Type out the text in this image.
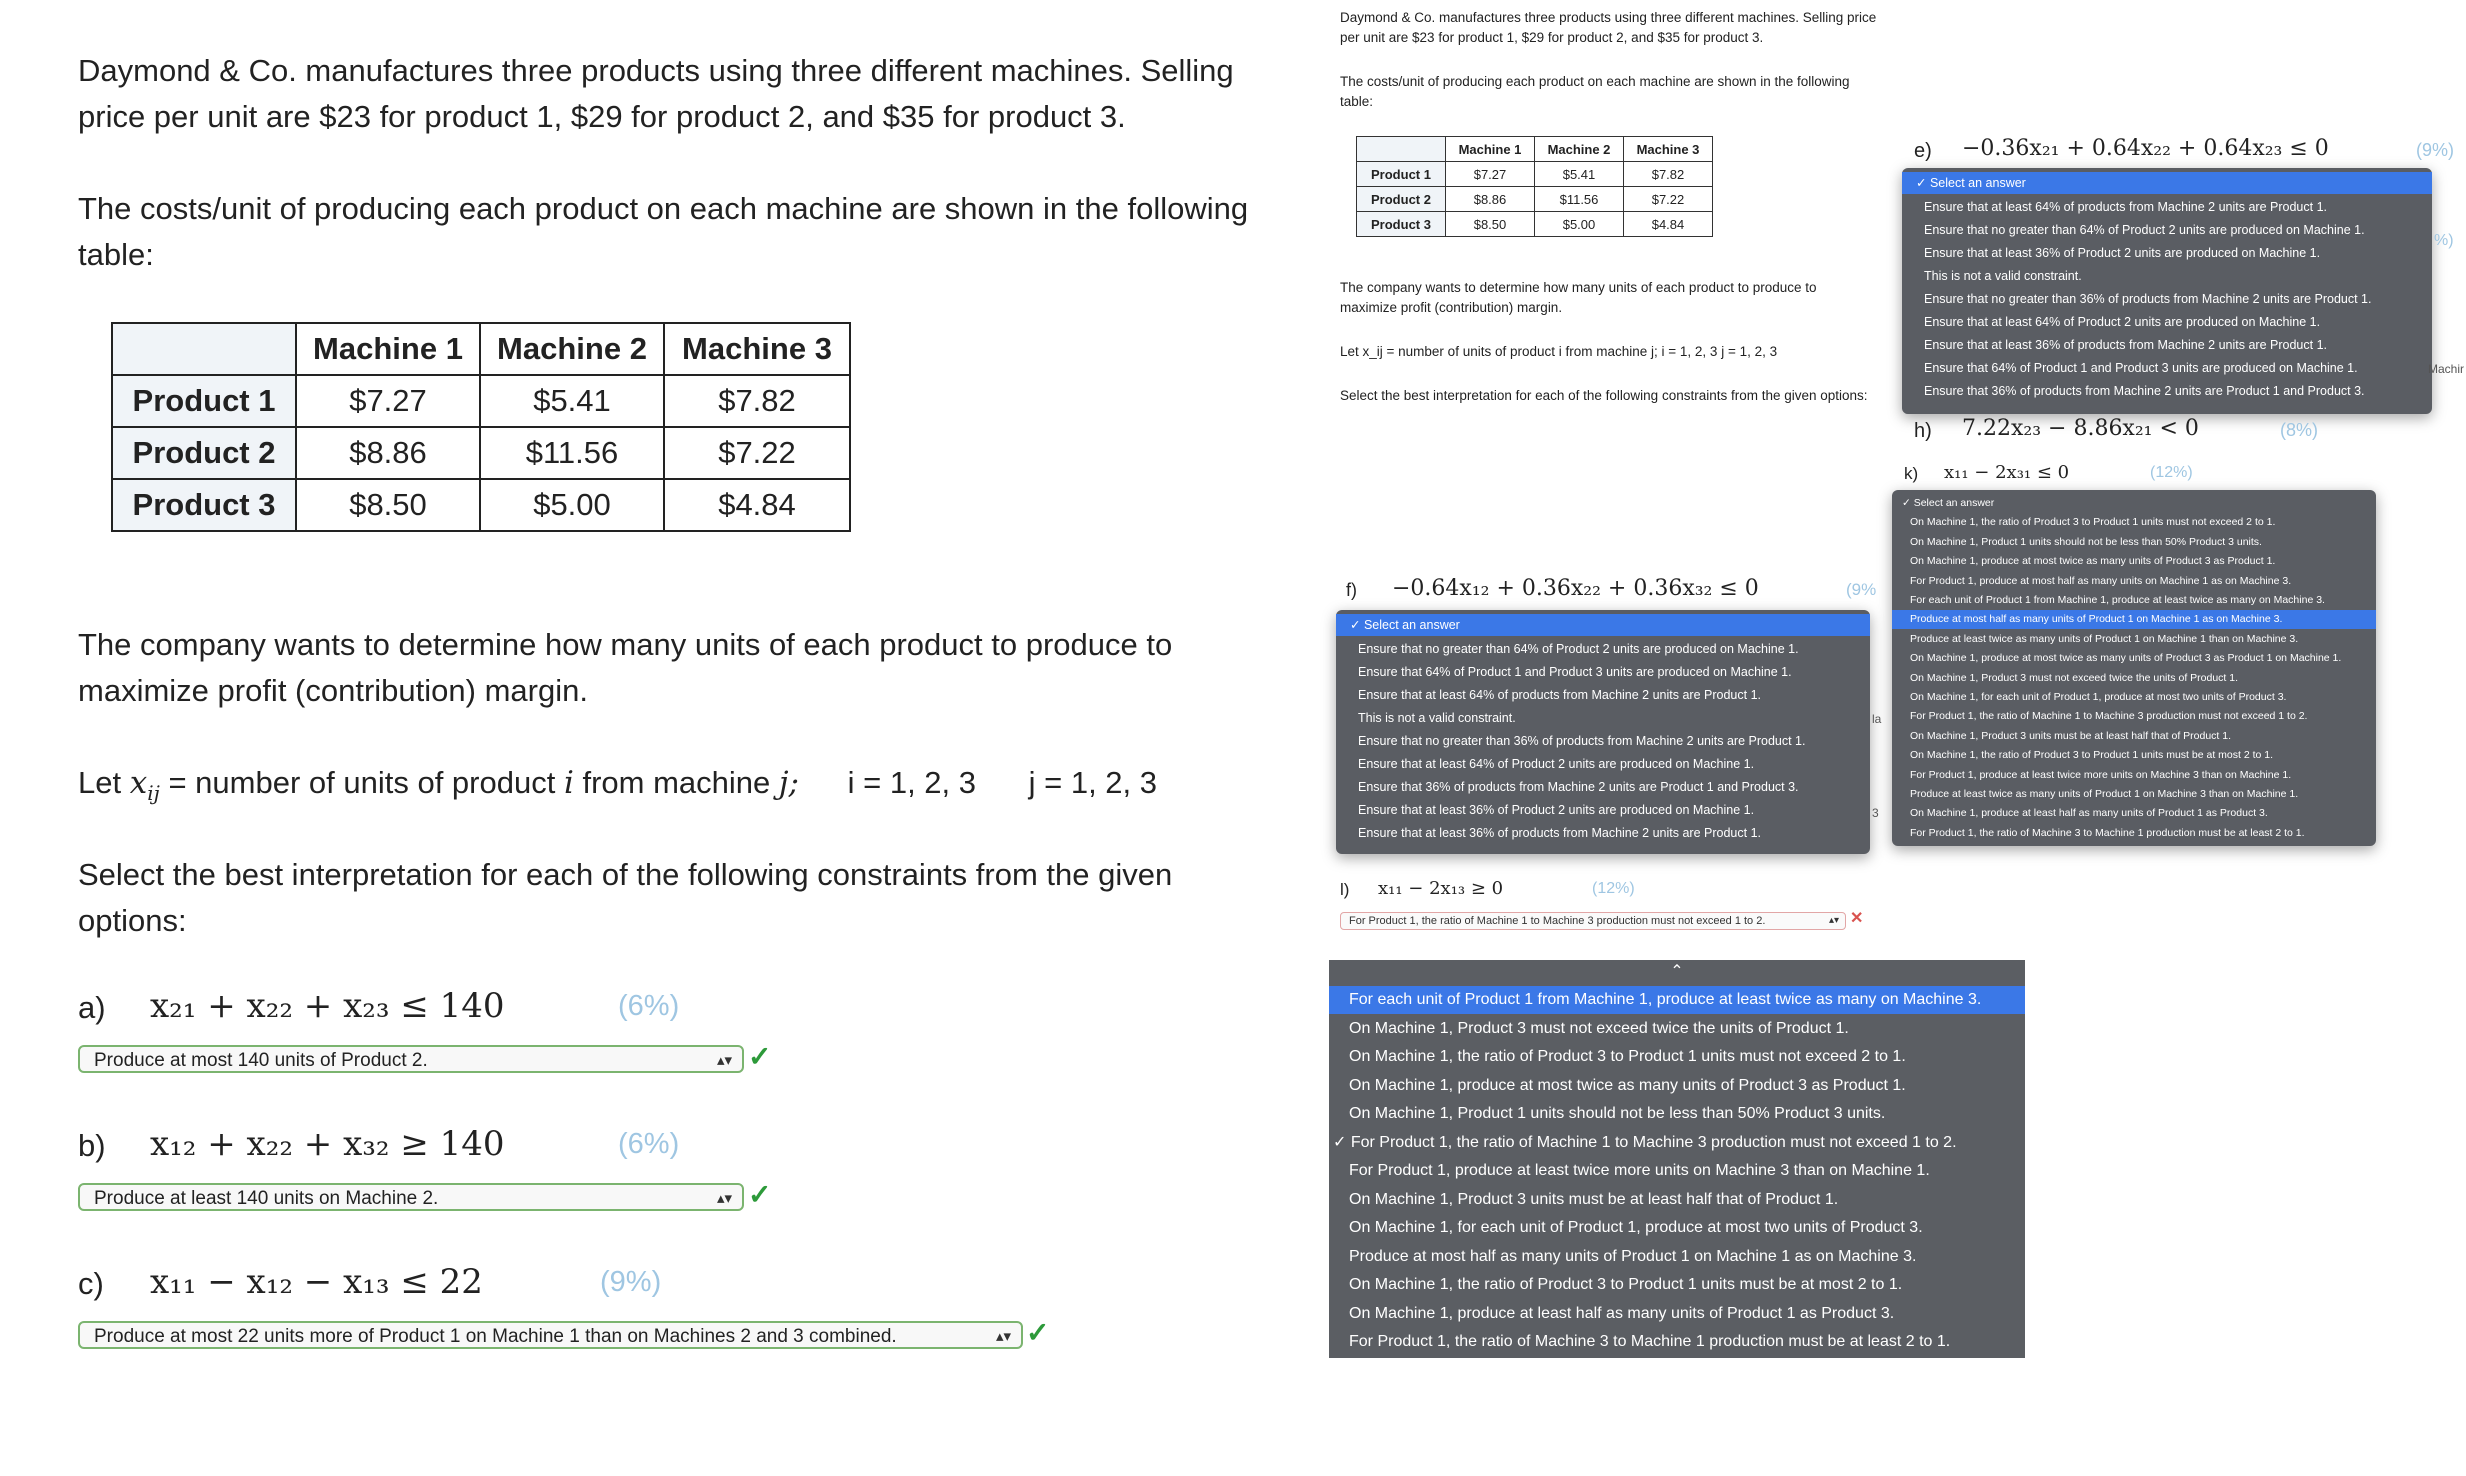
Daymond & Co. manufactures three products using three different machines. Selling price per unit are $23 for product 1, $29 for product 2, and $35 for product 3.
The costs/unit of producing each product on each machine are shown in the following table:
	Machine 1	Machine 2	Machine 3
Product 1	$7.27	$5.41	$7.82
Product 2	$8.86	$11.56	$7.22
Product 3	$8.50	$5.00	$4.84
The company wants to determine how many units of each product to produce to maximize profit (contribution) margin.
Let $x_{ij}$ = number of units of product i from machine j; i = 1, 2, 3 j = 1, 2, 3
Select the best interpretation for each of the following constraints from the given options:
a) x₂₁ + x₂₂ + x₂₃ ≤ 140	(6%)
Produce at most 140 units of Product 2.	▴▾ ✓
b) x₁₂ + x₂₂ + x₃₂ ≥ 140	(6%)
Produce at least 140 units on Machine 2.	▴▾ ✓
c) x₁₁ − x₁₂ − x₁₃ ≤ 22	(9%)
Produce at most 22 units more of Product 1 on Machine 1 than on Machines 2 and 3 combined.	▴▾ ✓
Daymond & Co. manufactures three products using three different machines. Selling price per unit are $23 for product 1, $29 for product 2, and $35 for product 3.
The costs/unit of producing each product on each machine are shown in the following table:
	Machine 1	Machine 2	Machine 3
Product 1	$7.27	$5.41	$7.82
Product 2	$8.86	$11.56	$7.22
Product 3	$8.50	$5.00	$4.84
The company wants to determine how many units of each product to produce to maximize profit (contribution) margin.
Let x_ij = number of units of product i from machine j; i = 1, 2, 3 j = 1, 2, 3
Select the best interpretation for each of the following constraints from the given options:
e) −0.36x₂₁ + 0.64x₂₂ + 0.64x₂₃ ≤ 0	(9%)
✓ Select an answer
Ensure that at least 64% of products from Machine 2 units are Product 1.
Ensure that no greater than 64% of Product 2 units are produced on Machine 1.
Ensure that at least 36% of Product 2 units are produced on Machine 1.
This is not a valid constraint.
Ensure that no greater than 36% of products from Machine 2 units are Product 1.
Ensure that at least 64% of Product 2 units are produced on Machine 1.
Ensure that at least 36% of products from Machine 2 units are Product 1.
Ensure that 64% of Product 1 and Product 3 units are produced on Machine 1.
Ensure that 36% of products from Machine 2 units are Product 1 and Product 3.
%)
Machir
h) 7.22x₂₃ − 8.86x₂₁ < 0	(8%)
k) x₁₁ − 2x₃₁ ≤ 0	(12%)
✓ Select an answer
On Machine 1, the ratio of Product 3 to Product 1 units must not exceed 2 to 1.
On Machine 1, Product 1 units should not be less than 50% Product 3 units.
On Machine 1, produce at most twice as many units of Product 3 as Product 1.
For Product 1, produce at most half as many units on Machine 1 as on Machine 3.
For each unit of Product 1 from Machine 1, produce at least twice as many on Machine 3.
Produce at most half as many units of Product 1 on Machine 1 as on Machine 3.
Produce at least twice as many units of Product 1 on Machine 1 than on Machine 3.
On Machine 1, produce at most twice as many units of Product 3 as Product 1 on Machine 1.
On Machine 1, Product 3 must not exceed twice the units of Product 1.
On Machine 1, for each unit of Product 1, produce at most two units of Product 3.
For Product 1, the ratio of Machine 1 to Machine 3 production must not exceed 1 to 2.
On Machine 1, Product 3 units must be at least half that of Product 1.
On Machine 1, the ratio of Product 3 to Product 1 units must be at most 2 to 1.
For Product 1, produce at least twice more units on Machine 3 than on Machine 1.
Produce at least twice as many units of Product 1 on Machine 3 than on Machine 1.
On Machine 1, produce at least half as many units of Product 1 as Product 3.
For Product 1, the ratio of Machine 3 to Machine 1 production must be at least 2 to 1.
f) −0.64x₁₂ + 0.36x₂₂ + 0.36x₃₂ ≤ 0	(9%
✓ Select an answer
Ensure that no greater than 64% of Product 2 units are produced on Machine 1.
Ensure that 64% of Product 1 and Product 3 units are produced on Machine 1.
Ensure that at least 64% of products from Machine 2 units are Product 1.
This is not a valid constraint.
Ensure that no greater than 36% of products from Machine 2 units are Product 1.
Ensure that at least 64% of Product 2 units are produced on Machine 1.
Ensure that 36% of products from Machine 2 units are Product 1 and Product 3.
Ensure that at least 36% of Product 2 units are produced on Machine 1.
Ensure that at least 36% of products from Machine 2 units are Product 1.
la
3
l) x₁₁ − 2x₁₃ ≥ 0	(12%)
For Product 1, the ratio of Machine 1 to Machine 3 production must not exceed 1 to 2.	▴▾ ✕
⌃
For each unit of Product 1 from Machine 1, produce at least twice as many on Machine 3.
On Machine 1, Product 3 must not exceed twice the units of Product 1.
On Machine 1, the ratio of Product 3 to Product 1 units must not exceed 2 to 1.
On Machine 1, produce at most twice as many units of Product 3 as Product 1.
On Machine 1, Product 1 units should not be less than 50% Product 3 units.
✓ For Product 1, the ratio of Machine 1 to Machine 3 production must not exceed 1 to 2.
For Product 1, produce at least twice more units on Machine 3 than on Machine 1.
On Machine 1, Product 3 units must be at least half that of Product 1.
On Machine 1, for each unit of Product 1, produce at most two units of Product 3.
Produce at most half as many units of Product 1 on Machine 1 as on Machine 3.
On Machine 1, the ratio of Product 3 to Product 1 units must be at most 2 to 1.
On Machine 1, produce at least half as many units of Product 1 as Product 3.
For Product 1, the ratio of Machine 3 to Machine 1 production must be at least 2 to 1.
